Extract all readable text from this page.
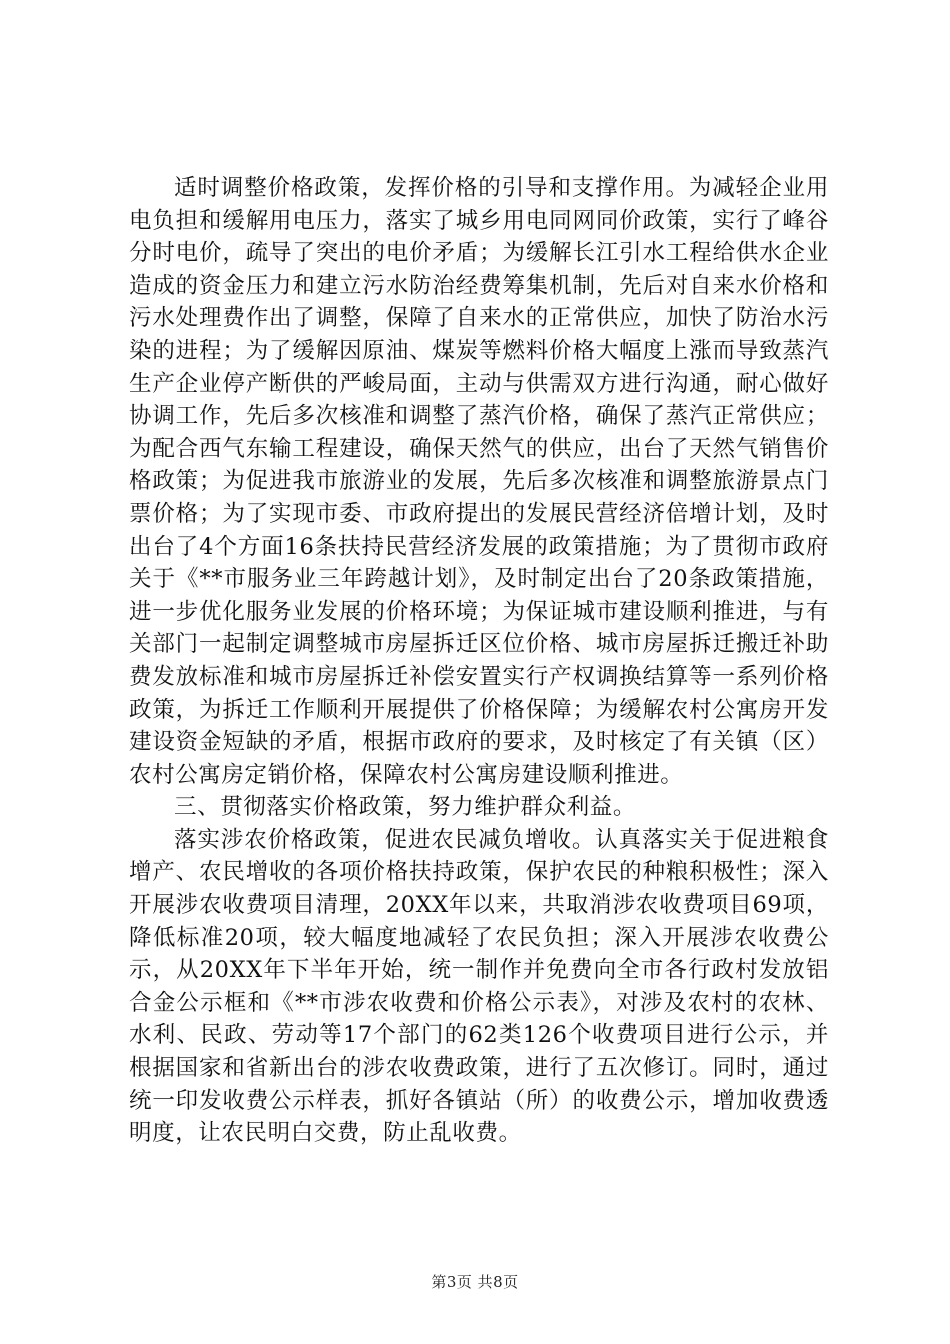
适时调整价格政策，发挥价格的引导和支撑作用。为减轻企业用电负担和缓解用电压力，落实了城乡用电同网同价政策，实行了峰谷分时电价，疏导了突出的电价矛盾；为缓解长江引水工程给供水企业造成的资金压力和建立污水防治经费筹集机制，先后对自来水价格和污水处理费作出了调整，保障了自来水的正常供应，加快了防治水污染的进程；为了缓解因原油、煤炭等燃料价格大幅度上涨而导致蒸汽生产企业停产断供的严峻局面，主动与供需双方进行沟通，耐心做好协调工作，先后多次核准和调整了蒸汽价格，确保了蒸汽正常供应；为配合西气东输工程建设，确保天然气的供应，出台了天然气销售价格政策；为促进我市旅游业的发展，先后多次核准和调整旅游景点门票价格；为了实现市委、市政府提出的发展民营经济倍增计划，及时出台了4个方面16条扶持民营经济发展的政策措施；为了贯彻市政府关于《**市服务业三年跨越计划》，及时制定出台了20条政策措施，进一步优化服务业发展的价格环境；为保证城市建设顺利推进，与有关部门一起制定调整城市房屋拆迁区位价格、城市房屋拆迁搬迁补助费发放标准和城市房屋拆迁补偿安置实行产权调换结算等一系列价格政策，为拆迁工作顺利开展提供了价格保障；为缓解农村公寓房开发建设资金短缺的矛盾，根据市政府的要求，及时核定了有关镇（区）农村公寓房定销价格，保障农村公寓房建设顺利推进。

三、贯彻落实价格政策，努力维护群众利益。

落实涉农价格政策，促进农民减负增收。认真落实关于促进粮食增产、农民增收的各项价格扶持政策，保护农民的种粮积极性；深入开展涉农收费项目清理，20XX年以来，共取消涉农收费项目69项，降低标准20项，较大幅度地减轻了农民负担；深入开展涉农收费公示，从20XX年下半年开始，统一制作并免费向全市各行政村发放铝合金公示框和《**市涉农收费和价格公示表》，对涉及农村的农林、水利、民政、劳动等17个部门的62类126个收费项目进行公示，并根据国家和省新出台的涉农收费政策，进行了五次修订。同时，通过统一印发收费公示样表，抓好各镇站（所）的收费公示，增加收费透明度，让农民明白交费，防止乱收费。

第3页 共8页
